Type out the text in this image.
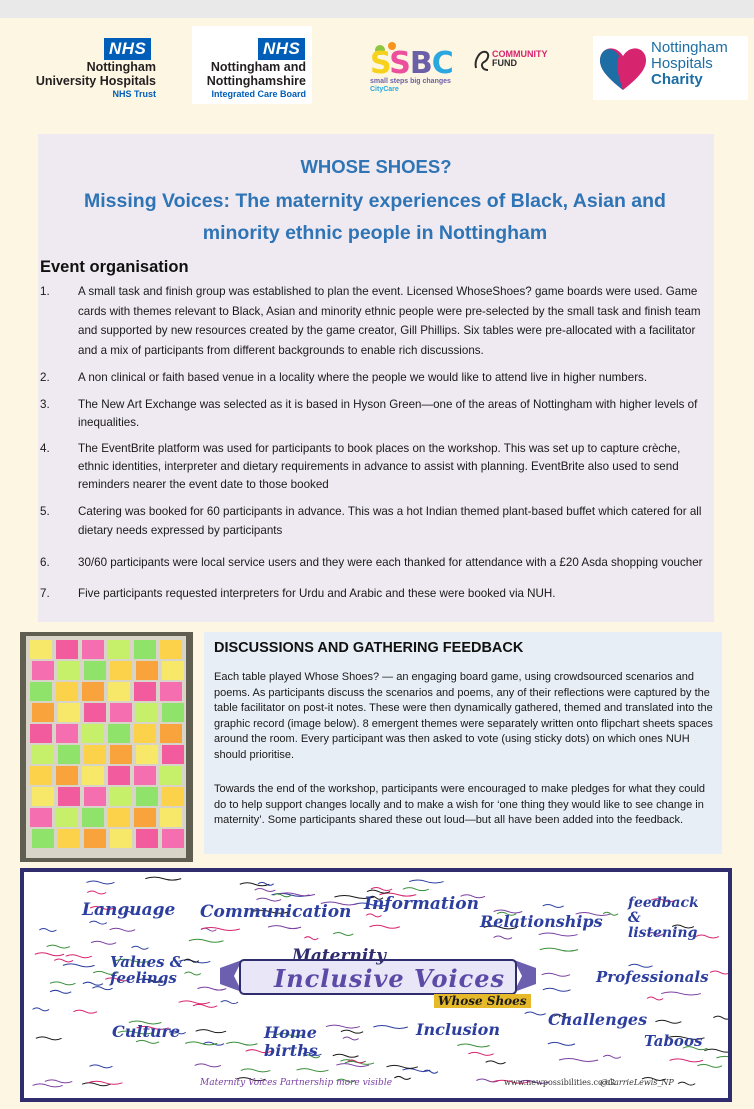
NHS
Nottingham
University Hospitals
NHS Trust
NHS
Nottingham and
Nottinghamshire
Integrated Care Board
SSBC
small steps big changes
CityCare
COMMUNITY
FUND
Nottingham
Hospitals
Charity
WHOSE SHOES?
Missing Voices: The maternity experiences of Black, Asian and minority ethnic people in Nottingham
Event organisation
1. A small task and finish group was established to plan the event. Licensed WhoseShoes? game boards were used. Game cards with themes relevant to Black, Asian and minority ethnic people were pre-selected by the small task and finish team and supported by new resources created by the game creator, Gill Phillips. Six tables were pre-allocated with a facilitator and a mix of participants from different backgrounds to enable rich discussions.
2. A non clinical or faith based venue in a locality where the people we would like to attend live in higher numbers.
3. The New Art Exchange was selected as it is based in Hyson Green—one of the areas of Nottingham with higher levels of inequalities.
4. The EventBrite platform was used for participants to book places on the workshop. This was set up to capture crèche, ethnic identities, interpreter and dietary requirements in advance to assist with planning. EventBrite also used to send reminders nearer the event date to those booked
5. Catering was booked for 60 participants in advance. This was a hot Indian themed plant-based buffet which catered for all dietary needs expressed by participants
6. 30/60 participants were local service users and they were each thanked for attendance with a £20 Asda shopping voucher
7. Five participants requested interpreters for Urdu and Arabic and these were booked via NUH.
DISCUSSIONS AND GATHERING FEEDBACK
Each table played Whose Shoes? — an engaging board game, using crowdsourced scenarios and poems. As participants discuss the scenarios and poems, any of their reflections were captured by the table facilitator on post-it notes. These were then dynamically gathered, themed and translated into the graphic record (image below). 8 emergent themes were separately written onto flipchart sheets spaces around the room. Every participant was then asked to vote (using sticky dots) on which ones NUH should prioritise.
Towards the end of the workshop, participants were encouraged to make pledges for what they could do to help support changes locally and to make a wish for ‘one thing they would like to see change in maternity’. Some participants shared these out loud—but all have been added into the feedback.
Maternity
Inclusive Voices
Whose Shoes
Language Communication Information
Relationships
feedback & listening
Values & feelings	Professionals
Culture	Home births
Inclusion
Challenges
Taboos
Maternity Voices Partnership more visible	www.newpossibilities.co.uk
@CarrieLewis_NP
